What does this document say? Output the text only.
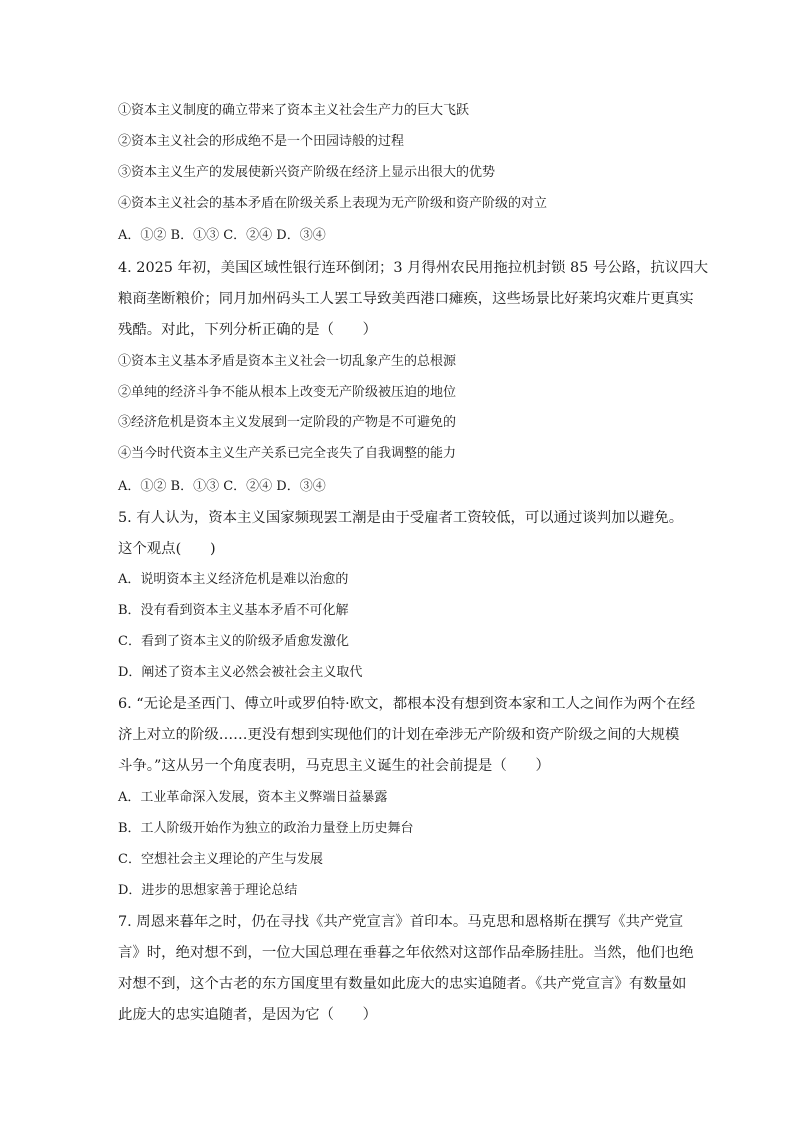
①资本主义制度的确立带来了资本主义社会生产力的巨大飞跃
②资本主义社会的形成绝不是一个田园诗般的过程
③资本主义生产的发展使新兴资产阶级在经济上显示出很大的优势
④资本主义社会的基本矛盾在阶级关系上表现为无产阶级和资产阶级的对立
A．①② B．①③ C．②④ D．③④
4. 2025 年初，美国区域性银行连环倒闭；3 月得州农民用拖拉机封锁 85 号公路，抗议四大
粮商垄断粮价；同月加州码头工人罢工导致美西港口瘫痪，这些场景比好莱坞灾难片更真实
残酷。对此，下列分析正确的是（　　）
①资本主义基本矛盾是资本主义社会一切乱象产生的总根源
②单纯的经济斗争不能从根本上改变无产阶级被压迫的地位
③经济危机是资本主义发展到一定阶段的产物是不可避免的
④当今时代资本主义生产关系已完全丧失了自我调整的能力
A．①② B．①③ C．②④ D．③④
5. 有人认为，资本主义国家频现罢工潮是由于受雇者工资较低，可以通过谈判加以避免。
这个观点(　　)
A．说明资本主义经济危机是难以治愈的
B．没有看到资本主义基本矛盾不可化解
C．看到了资本主义的阶级矛盾愈发激化
D．阐述了资本主义必然会被社会主义取代
6. “无论是圣西门、傅立叶或罗伯特·欧文，都根本没有想到资本家和工人之间作为两个在经
济上对立的阶级……更没有想到实现他们的计划在牵涉无产阶级和资产阶级之间的大规模
斗争。”这从另一个角度表明，马克思主义诞生的社会前提是（　　）
A．工业革命深入发展，资本主义弊端日益暴露
B．工人阶级开始作为独立的政治力量登上历史舞台
C．空想社会主义理论的产生与发展
D．进步的思想家善于理论总结
7. 周恩来暮年之时，仍在寻找《共产党宣言》首印本。马克思和恩格斯在撰写《共产党宣
言》时，绝对想不到，一位大国总理在垂暮之年依然对这部作品牵肠挂肚。当然，他们也绝
对想不到，这个古老的东方国度里有数量如此庞大的忠实追随者。《共产党宣言》有数量如
此庞大的忠实追随者，是因为它（　　）
